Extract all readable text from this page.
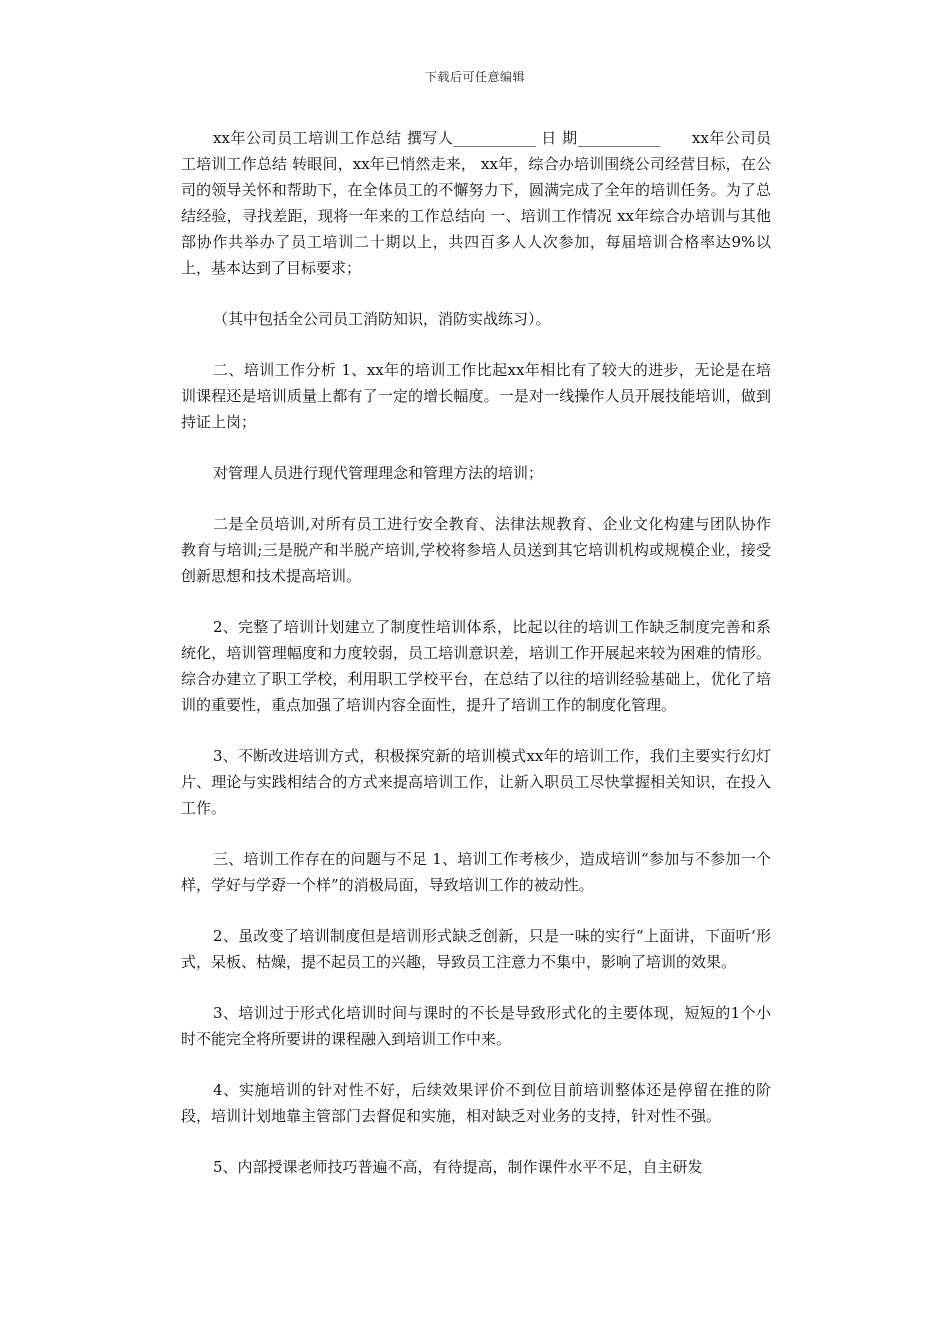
下载后可任意编辑

xx年公司员工培训工作总结 撰写人___________ 日 期___________　　xx年公司员工培训工作总结 转眼间，xx年已悄然走来， xx年，综合办培训围绕公司经营目标，在公司的领导关怀和帮助下，在全体员工的不懈努力下，圆满完成了全年的培训任务。为了总结经验，寻找差距，现将一年来的工作总结向 一、培训工作情况 xx年综合办培训与其他部协作共举办了员工培训二十期以上，共四百多人人次参加，每届培训合格率达9%以上，基本达到了目标要求；

（其中包括全公司员工消防知识，消防实战练习）。

二、培训工作分析 1、xx年的培训工作比起xx年相比有了较大的进步，无论是在培训课程还是培训质量上都有了一定的增长幅度。一是对一线操作人员开展技能培训，做到持证上岗；

对管理人员进行现代管理理念和管理方法的培训；

二是全员培训,对所有员工进行安全教育、法律法规教育、企业文化构建与团队协作教育与培训;三是脱产和半脱产培训,学校将参培人员送到其它培训机构或规模企业，接受创新思想和技术提高培训。

2、完整了培训计划建立了制度性培训体系，比起以往的培训工作缺乏制度完善和系统化，培训管理幅度和力度较弱，员工培训意识差，培训工作开展起来较为困难的情形。综合办建立了职工学校，利用职工学校平台，在总结了以往的培训经验基础上，优化了培训的重要性，重点加强了培训内容全面性，提升了培训工作的制度化管理。

3、不断改进培训方式，积极探究新的培训模式xx年的培训工作，我们主要实行幻灯片、理论与实践相结合的方式来提高培训工作，让新入职员工尽快掌握相关知识，在投入工作。

三、培训工作存在的问题与不足 1、培训工作考核少，造成培训“参加与不参加一个样，学好与学孬一个样”的消极局面，导致培训工作的被动性。

2、虽改变了培训制度但是培训形式缺乏创新，只是一味的实行“上面讲，下面听‘形式，呆板、枯燥，提不起员工的兴趣，导致员工注意力不集中，影响了培训的效果。

3、培训过于形式化培训时间与课时的不长是导致形式化的主要体现，短短的1个小时不能完全将所要讲的课程融入到培训工作中来。

4、实施培训的针对性不好，后续效果评价不到位目前培训整体还是停留在推的阶段，培训计划地靠主管部门去督促和实施，相对缺乏对业务的支持，针对性不强。

5、内部授课老师技巧普遍不高，有待提高，制作课件水平不足，自主研发
